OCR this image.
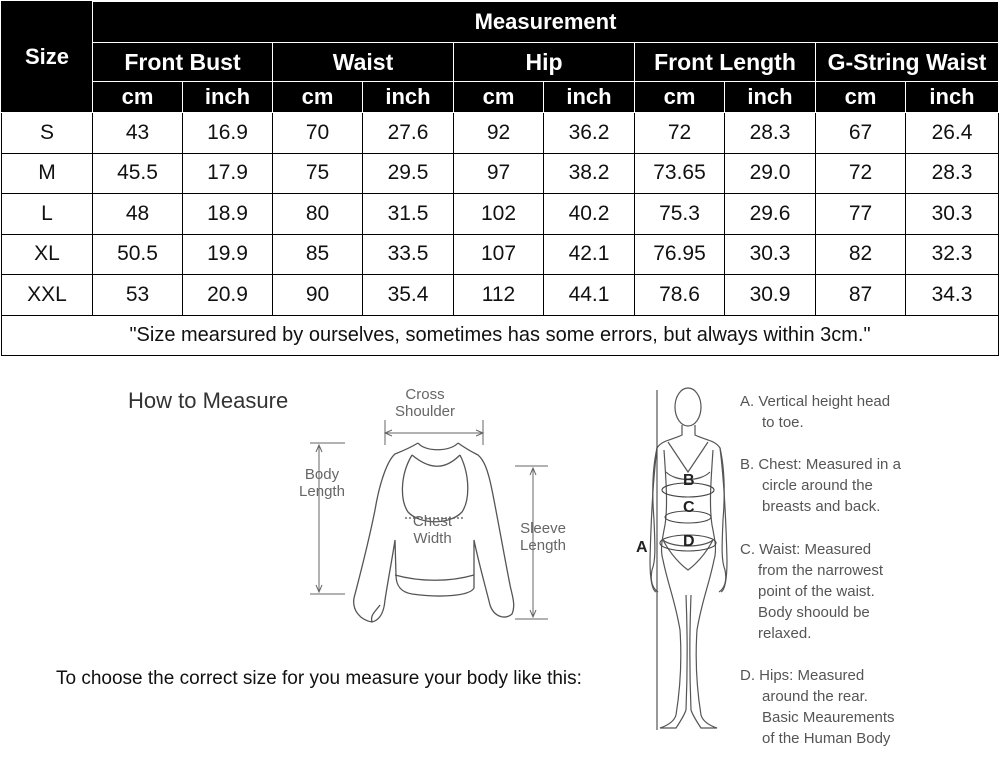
Size	Measurement									
	Front Bust		Waist		Hip		Front Length		G-String Waist	
	cm	inch	cm	inch	cm	inch	cm	inch	cm	inch
S	43	16.9	70	27.6	92	36.2	72	28.3	67	26.4
M	45.5	17.9	75	29.5	97	38.2	73.65	29.0	72	28.3
L	48	18.9	80	31.5	102	40.2	75.3	29.6	77	30.3
XL	50.5	19.9	85	33.5	107	42.1	76.95	30.3	82	32.3
XXL	53	20.9	90	35.4	112	44.1	78.6	30.9	87	34.3
"Size mearsured by ourselves, sometimes has some errors, but always within 3cm."										
How to Measure	Cross
Shoulder
Body
Length
Chest
Width
Sleeve
Length
To choose the correct size for you measure your body like this:
A
B
C
D
A. Vertical height head
to toe.
B. Chest: Measured in a
circle around the
breasts and back.
C. Waist: Measured
from the narrowest
point of the waist.
Body shoould be
relaxed.
D. Hips: Measured
around the rear.
Basic Meaurements
of the Human Body
